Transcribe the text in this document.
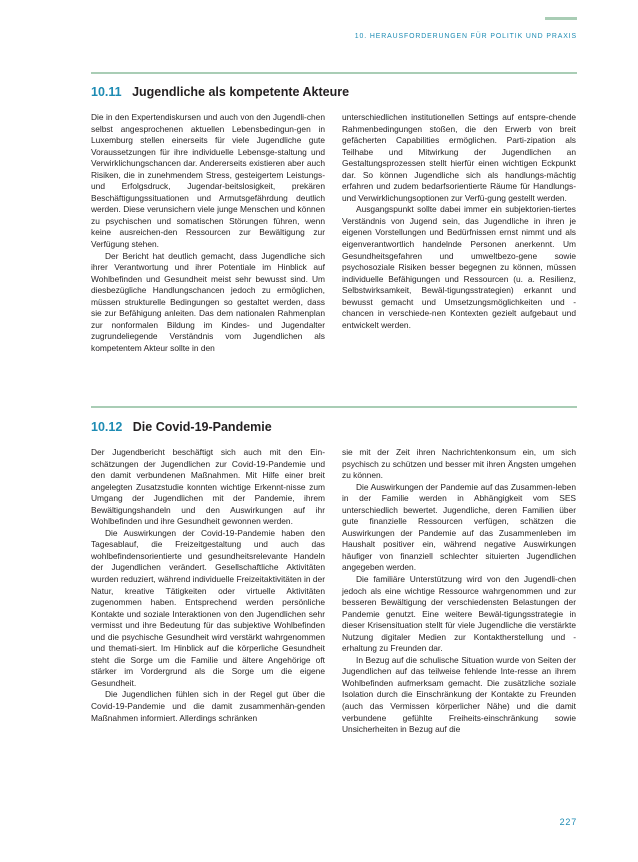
10. HERAUSFORDERUNGEN FÜR POLITIK UND PRAXIS
10.11 Jugendliche als kompetente Akteure

Die in den Expertendiskursen und auch von den Jugendli-chen selbst angesprochenen aktuellen Lebensbedingun-gen in Luxemburg stellen einerseits für viele Jugendliche gute Voraussetzungen für ihre individuelle Lebensge-staltung und Verwirklichungschancen dar. Andererseits existieren aber auch Risiken, die in zunehmendem Stress, gesteigertem Leistungs- und Erfolgsdruck, Jugendar-beitslosigkeit, prekären Beschäftigungssituationen und Armutsgefährdung deutlich werden. Diese verunsichern viele junge Menschen und können zu psychischen und somatischen Störungen führen, wenn keine ausreichen-den Ressourcen zur Bewältigung zur Verfügung stehen.

Der Bericht hat deutlich gemacht, dass Jugendliche sich ihrer Verantwortung und ihrer Potentiale im Hinblick auf Wohlbefinden und Gesundheit meist sehr bewusst sind. Um diesbezügliche Handlungschancen jedoch zu ermöglichen, müssen strukturelle Bedingungen so gestaltet werden, dass sie zur Befähigung anleiten. Das dem nationalen Rahmenplan zur nonformalen Bildung im Kindes- und Jugendalter zugrundeliegende Verständnis vom Jugendlichen als kompetentem Akteur sollte in den

unterschiedlichen institutionellen Settings auf entspre-chende Rahmenbedingungen stoßen, die den Erwerb von breit gefächerten Capabilities ermöglichen. Parti-zipation als Teilhabe und Mitwirkung der Jugendlichen an Gestaltungsprozessen stellt hierfür einen wichtigen Eckpunkt dar. So können Jugendliche sich als handlungs-mächtig erfahren und zudem bedarfsorientierte Räume für Handlungs- und Verwirklichungsoptionen zur Verfü-gung gestellt werden.

Ausgangspunkt sollte dabei immer ein subjektorien-tiertes Verständnis von Jugend sein, das Jugendliche in ihren je eigenen Vorstellungen und Bedürfnissen ernst nimmt und als eigenverantwortlich handelnde Personen anerkennt. Um Gesundheitsgefahren und umweltbezo-gene sowie psychosoziale Risiken besser begegnen zu können, müssen individuelle Befähigungen und Ressourcen (u. a. Resilienz, Selbstwirksamkeit, Bewäl-tigungsstrategien) erkannt und bewusst gemacht und Umsetzungsmöglichkeiten und -chancen in verschiede-nen Kontexten gezielt aufgebaut und entwickelt werden.

10.12 Die Covid-19-Pandemie

Der Jugendbericht beschäftigt sich auch mit den Ein-schätzungen der Jugendlichen zur Covid-19-Pandemie und den damit verbundenen Maßnahmen. Mit Hilfe einer breit angelegten Zusatzstudie konnten wichtige Erkennt-nisse zum Umgang der Jugendlichen mit der Pandemie, ihrem Bewältigungshandeln und den Auswirkungen auf ihr Wohlbefinden und ihre Gesundheit gewonnen werden.

Die Auswirkungen der Covid-19-Pandemie haben den Tagesablauf, die Freizeitgestaltung und auch das wohlbefindensorientierte und gesundheitsrelevante Handeln der Jugendlichen verändert. Gesellschaftliche Aktivitäten wurden reduziert, während individuelle Freizeitaktivitäten in der Natur, kreative Tätigkeiten oder virtuelle Aktivitäten zugenommen haben. Entsprechend werden persönliche Kontakte und soziale Interaktionen von den Jugendlichen sehr vermisst und ihre Bedeutung für das subjektive Wohlbefinden und die psychische Gesundheit wird verstärkt wahrgenommen und themati-siert. Im Hinblick auf die körperliche Gesundheit steht die Sorge um die Familie und ältere Angehörige oft stärker im Vordergrund als die Sorge um die eigene Gesundheit.

Die Jugendlichen fühlen sich in der Regel gut über die Covid-19-Pandemie und die damit zusammenhän-genden Maßnahmen informiert. Allerdings schränken

sie mit der Zeit ihren Nachrichtenkonsum ein, um sich psychisch zu schützen und besser mit ihren Ängsten umgehen zu können.

Die Auswirkungen der Pandemie auf das Zusammen-leben in der Familie werden in Abhängigkeit vom SES unterschiedlich bewertet. Jugendliche, deren Familien über gute finanzielle Ressourcen verfügen, schätzen die Auswirkungen der Pandemie auf das Zusammenleben im Haushalt positiver ein, während negative Auswirkungen häufiger von finanziell schlechter situierten Jugendlichen angegeben werden.

Die familiäre Unterstützung wird von den Jugendli-chen jedoch als eine wichtige Ressource wahrgenommen und zur besseren Bewältigung der verschiedensten Belastungen der Pandemie genutzt. Eine weitere Bewäl-tigungsstrategie in dieser Krisensituation stellt für viele Jugendliche die verstärkte Nutzung digitaler Medien zur Kontaktherstellung und -erhaltung zu Freunden dar.

In Bezug auf die schulische Situation wurde von Seiten der Jugendlichen auf das teilweise fehlende Inte-resse an ihrem Wohlbefinden aufmerksam gemacht. Die zusätzliche soziale Isolation durch die Einschränkung der Kontakte zu Freunden (auch das Vermissen körperlicher Nähe) und die damit verbundene gefühlte Freiheits-einschränkung sowie Unsicherheiten in Bezug auf die

227
